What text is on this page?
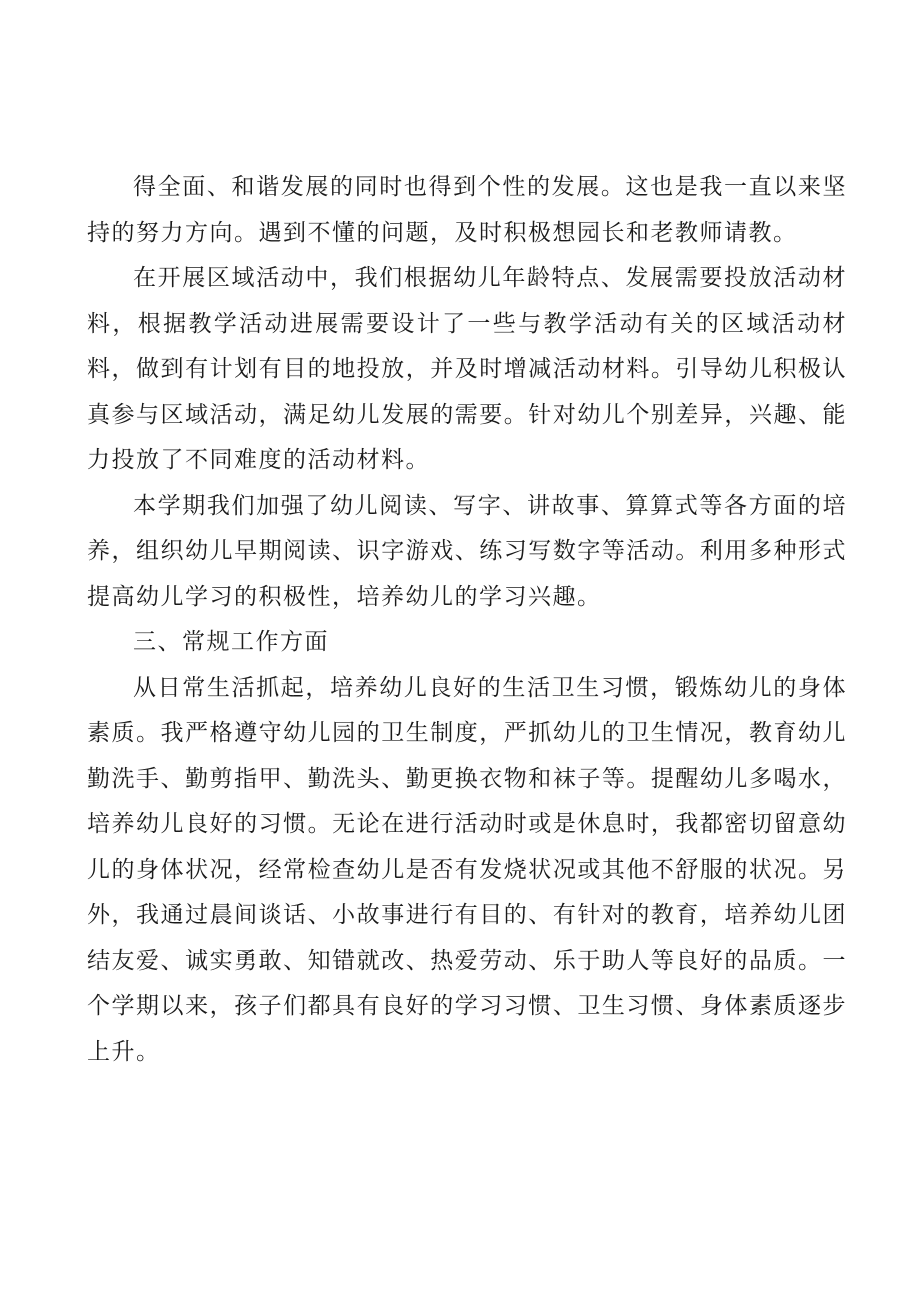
得全面、和谐发展的同时也得到个性的发展。这也是我一直以来坚持的努力方向。遇到不懂的问题，及时积极想园长和老教师请教。

在开展区域活动中，我们根据幼儿年龄特点、发展需要投放活动材料，根据教学活动进展需要设计了一些与教学活动有关的区域活动材料，做到有计划有目的地投放，并及时增减活动材料。引导幼儿积极认真参与区域活动，满足幼儿发展的需要。针对幼儿个别差异，兴趣、能力投放了不同难度的活动材料。

本学期我们加强了幼儿阅读、写字、讲故事、算算式等各方面的培养，组织幼儿早期阅读、识字游戏、练习写数字等活动。利用多种形式提高幼儿学习的积极性，培养幼儿的学习兴趣。

三、常规工作方面

从日常生活抓起，培养幼儿良好的生活卫生习惯，锻炼幼儿的身体素质。我严格遵守幼儿园的卫生制度，严抓幼儿的卫生情况，教育幼儿勤洗手、勤剪指甲、勤洗头、勤更换衣物和袜子等。提醒幼儿多喝水，培养幼儿良好的习惯。无论在进行活动时或是休息时，我都密切留意幼儿的身体状况，经常检查幼儿是否有发烧状况或其他不舒服的状况。另外，我通过晨间谈话、小故事进行有目的、有针对的教育，培养幼儿团结友爱、诚实勇敢、知错就改、热爱劳动、乐于助人等良好的品质。一个学期以来，孩子们都具有良好的学习习惯、卫生习惯、身体素质逐步上升。
